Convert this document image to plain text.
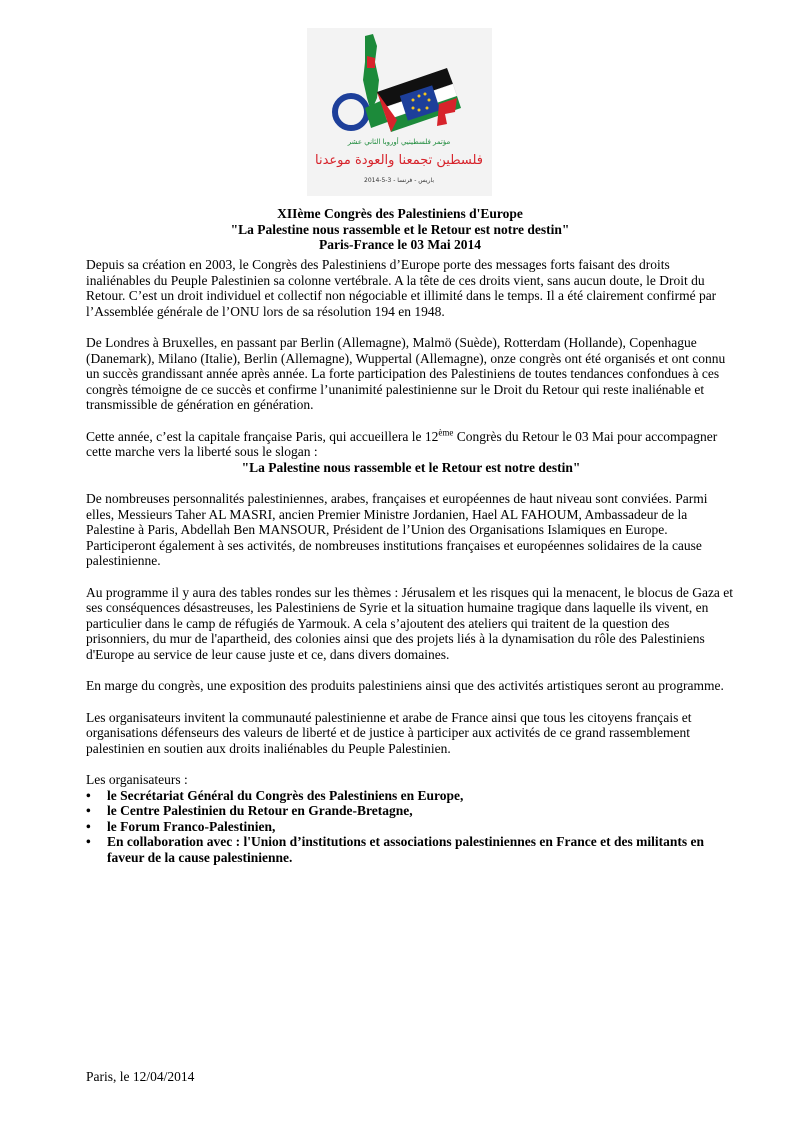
مؤتمر فلسطينيي أوروبا الثاني عشر
فلسطين تجمعنا والعودة موعدنا
باريس - فرنسا - 3-5-2014
XIIème Congrès des Palestiniens d'Europe
"La Palestine nous rassemble et le Retour est notre destin"
Paris-France le 03 Mai 2014

Depuis sa création en 2003, le Congrès des Palestiniens d’Europe porte des messages forts faisant des droits inaliénables du Peuple Palestinien sa colonne vertébrale. A la tête de ces droits vient, sans aucun doute, le Droit du Retour. C’est un droit individuel et collectif non négociable et illimité dans le temps. Il a été clairement confirmé par l’Assemblée générale de l’ONU lors de sa résolution 194 en 1948.

De Londres à Bruxelles, en passant par Berlin (Allemagne), Malmö (Suède), Rotterdam (Hollande), Copenhague (Danemark), Milano (Italie), Berlin (Allemagne), Wuppertal (Allemagne), onze congrès ont été organisés et ont connu un succès grandissant année après année. La forte participation des Palestiniens de toutes tendances confondues à ces congrès témoigne de ce succès et confirme l’unanimité palestinienne sur le Droit du Retour qui reste inaliénable et transmissible de génération en génération.

Cette année, c’est la capitale française Paris, qui accueillera le 12ème Congrès du Retour le 03 Mai pour accompagner cette marche vers la liberté sous le slogan :
"La Palestine nous rassemble et le Retour est notre destin"

De nombreuses personnalités palestiniennes, arabes, françaises et européennes de haut niveau sont conviées. Parmi elles, Messieurs Taher AL MASRI, ancien Premier Ministre Jordanien, Hael AL FAHOUM, Ambassadeur de la Palestine à Paris, Abdellah Ben MANSOUR, Président de l’Union des Organisations Islamiques en Europe. Participeront également à ses activités, de nombreuses institutions françaises et européennes solidaires de la cause palestinienne.

Au programme il y aura des tables rondes sur les thèmes : Jérusalem et les risques qui la menacent, le blocus de Gaza et ses conséquences désastreuses, les Palestiniens de Syrie et la situation humaine tragique dans laquelle ils vivent, en particulier dans le camp de réfugiés de Yarmouk. A cela s’ajoutent des ateliers qui traitent de la question des prisonniers, du mur de l'apartheid, des colonies ainsi que des projets liés à la dynamisation du rôle des Palestiniens d'Europe au service de leur cause juste et ce, dans divers domaines.

En marge du congrès, une exposition des produits palestiniens ainsi que des activités artistiques seront au programme.

Les organisateurs invitent la communauté palestinienne et arabe de France ainsi que tous les citoyens français et organisations défenseurs des valeurs de liberté et de justice à participer aux activités de ce grand rassemblement palestinien en soutien aux droits inaliénables du Peuple Palestinien.

Les organisateurs :
• le Secrétariat Général du Congrès des Palestiniens en Europe,
• le Centre Palestinien du Retour en Grande-Bretagne,
• le Forum Franco-Palestinien,
• En collaboration avec : l'Union d’institutions et associations palestiniennes en France et des militants en faveur de la cause palestinienne.
Paris, le 12/04/2014
